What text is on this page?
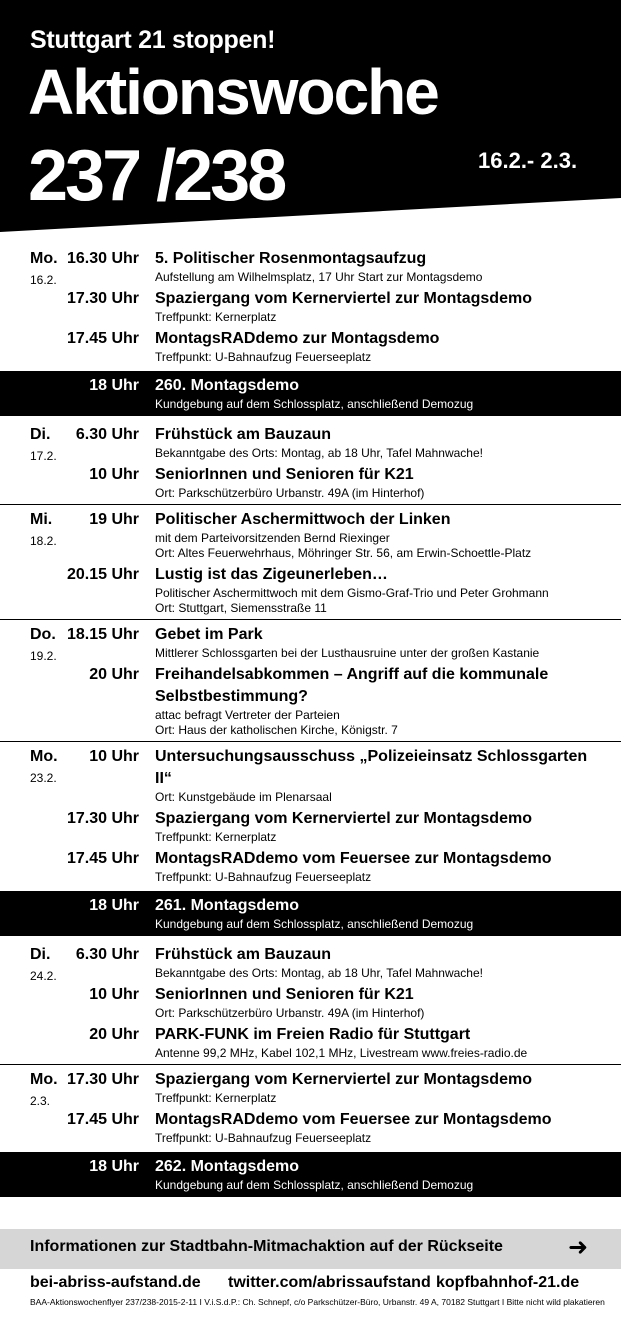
Stuttgart 21 stoppen!
Aktionswoche
237 /238	16.2.- 2.3.
Mo.
16.2.
16.30 Uhr 5. Politischer Rosenmontagsaufzug
Aufstellung am Wilhelmsplatz, 17 Uhr Start zur Montagsdemo
17.30 Uhr Spaziergang vom Kernerviertel zur Montagsdemo
Treffpunkt: Kernerplatz
17.45 Uhr MontagsRADdemo zur Montagsdemo
Treffpunkt: U-Bahnaufzug Feuerseeplatz
18 Uhr 260. Montagsdemo
Kundgebung auf dem Schlossplatz, anschließend Demozug
Di.
17.2.
6.30 Uhr Frühstück am Bauzaun
Bekanntgabe des Orts: Montag, ab 18 Uhr, Tafel Mahnwache!
10 Uhr SeniorInnen und Senioren für K21
Ort: Parkschützerbüro Urbanstr. 49A (im Hinterhof)
Mi.
18.2.
19 Uhr Politischer Aschermittwoch der Linken
mit dem Parteivorsitzenden Bernd Riexinger
Ort: Altes Feuerwehrhaus, Möhringer Str. 56, am Erwin-Schoettle-Platz
20.15 Uhr Lustig ist das Zigeunerleben…
Politischer Aschermittwoch mit dem Gismo-Graf-Trio und Peter Grohmann
Ort: Stuttgart, Siemensstraße 11
Do.
19.2.
18.15 Uhr Gebet im Park
Mittlerer Schlossgarten bei der Lusthausruine unter der großen Kastanie
20 Uhr Freihandelsabkommen – Angriff auf die kommunale Selbstbestimmung?
attac befragt Vertreter der Parteien
Ort: Haus der katholischen Kirche, Königstr. 7
Mo.
23.2.
10 Uhr Untersuchungsausschuss „Polizeieinsatz Schlossgarten II“
Ort: Kunstgebäude im Plenarsaal
17.30 Uhr Spaziergang vom Kernerviertel zur Montagsdemo
Treffpunkt: Kernerplatz
17.45 Uhr MontagsRADdemo vom Feuersee zur Montagsdemo
Treffpunkt: U-Bahnaufzug Feuerseeplatz
18 Uhr 261. Montagsdemo
Kundgebung auf dem Schlossplatz, anschließend Demozug
Di.
24.2.
6.30 Uhr Frühstück am Bauzaun
Bekanntgabe des Orts: Montag, ab 18 Uhr, Tafel Mahnwache!
10 Uhr SeniorInnen und Senioren für K21
Ort: Parkschützerbüro Urbanstr. 49A (im Hinterhof)
20 Uhr PARK-FUNK im Freien Radio für Stuttgart
Antenne 99,2 MHz, Kabel 102,1 MHz, Livestream www.freies-radio.de
Mo.
2.3.
17.30 Uhr Spaziergang vom Kernerviertel zur Montagsdemo
Treffpunkt: Kernerplatz
17.45 Uhr MontagsRADdemo vom Feuersee zur Montagsdemo
Treffpunkt: U-Bahnaufzug Feuerseeplatz
18 Uhr 262. Montagsdemo
Kundgebung auf dem Schlossplatz, anschließend Demozug
Informationen zur Stadtbahn-Mitmachaktion auf der Rückseite	➜
bei-abriss-aufstand.de twitter.com/abrissaufstand kopfbahnhof-21.de
BAA-Aktionswochenflyer 237/238-2015-2-11 I V.i.S.d.P.: Ch. Schnepf, c/o Parkschützer-Büro, Urbanstr. 49 A, 70182 Stuttgart I Bitte nicht wild plakatieren
